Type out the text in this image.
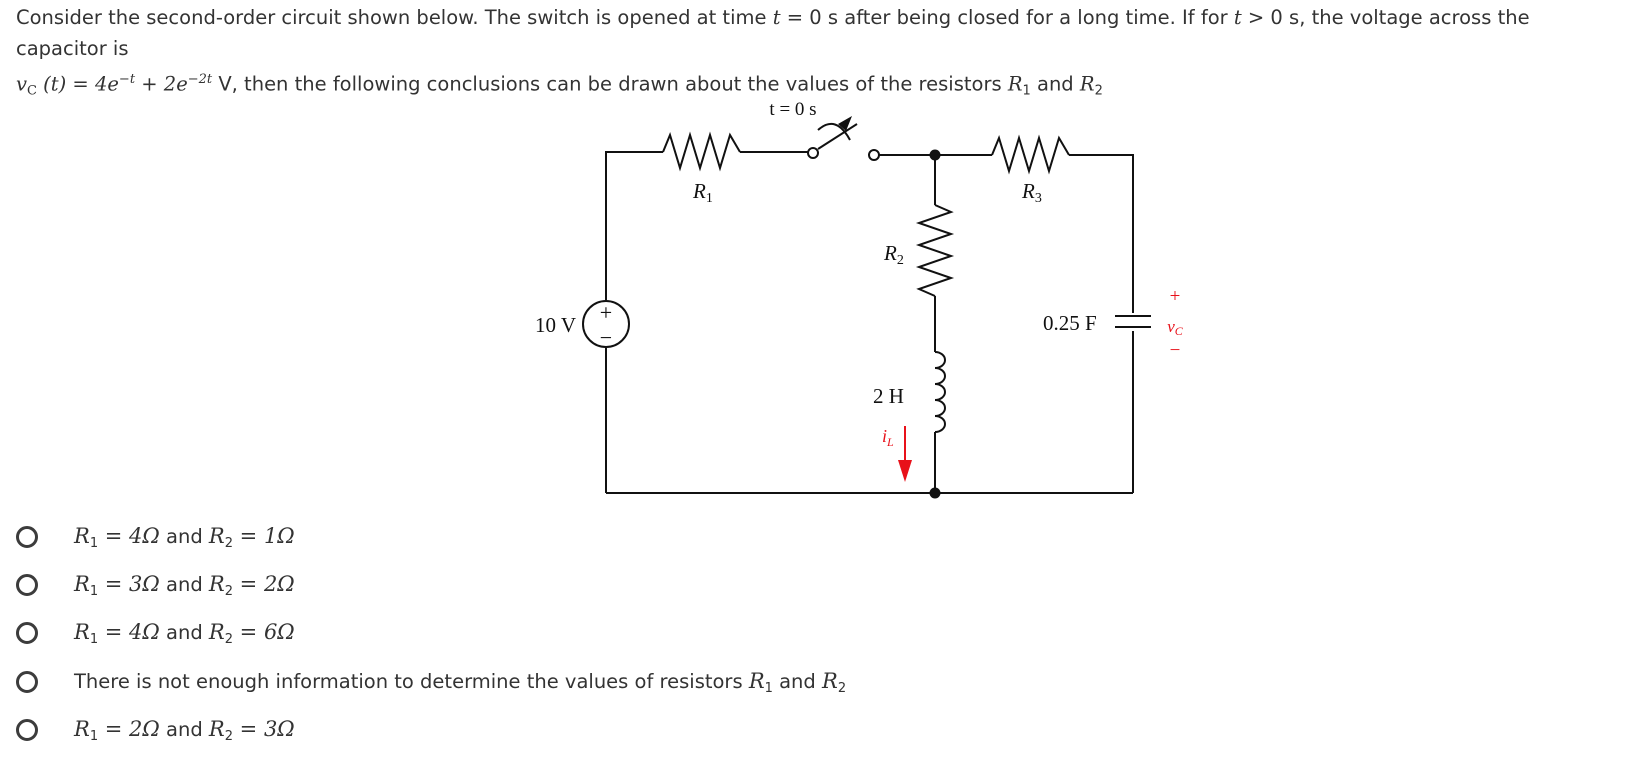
Consider the second-order circuit shown below. The switch is opened at time t = 0 s after being closed for a long time. If for t > 0 s, the voltage across the capacitor is
$v_C$ $(t) = 4e^{-t} + 2e^{-2t}$ V, then the following conclusions can be drawn about the values of the resistors $R_1$ and $R_2$
t = 0 s
R1	R3
R2
10 V +
−
2 H
$i_L$
0.25 F
+
vC
−
$R_1 = 4\Omega$ and $R_2 = 1\Omega$
$R_1 = 3\Omega$ and $R_2 = 2\Omega$
$R_1 = 4\Omega$ and $R_2 = 6\Omega$
There is not enough information to determine the values of resistors $R_1$ and $R_2$
$R_1 = 2\Omega$ and $R_2 = 3\Omega$
